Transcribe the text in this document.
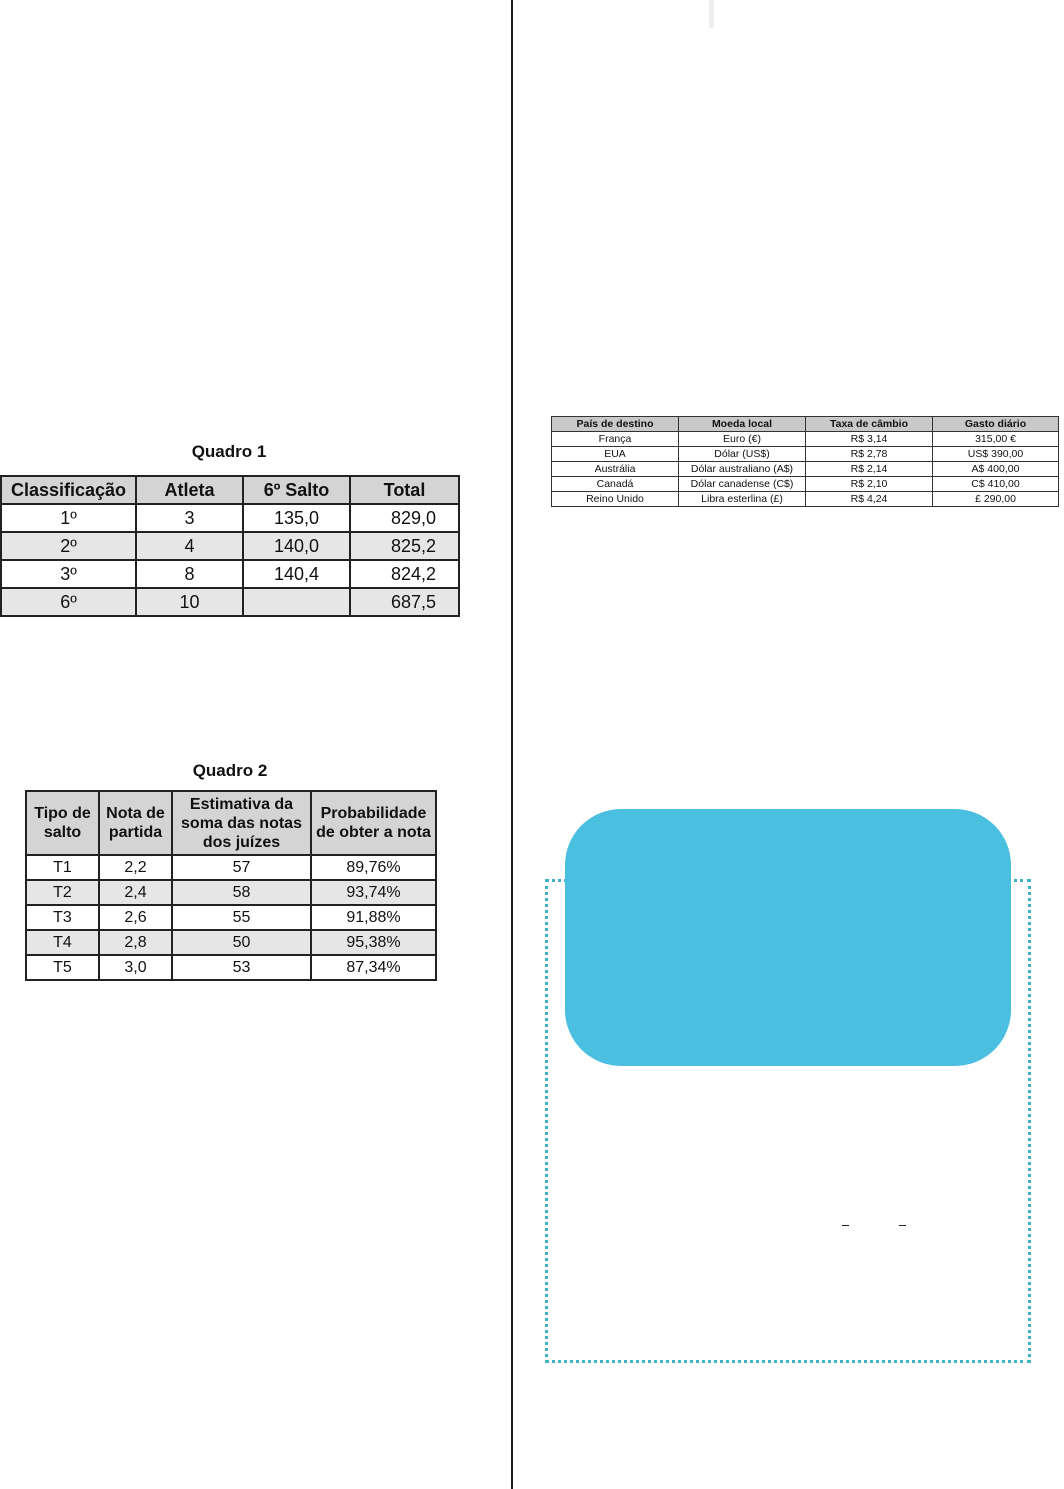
Quadro 1
Classificação	Atleta	6º Salto	Total
1º	3	135,0	829,0
2º	4	140,0	825,2
3º	8	140,4	824,2
6º	10		687,5
Quadro 2
Tipo de salto	Nota de partida	Estimativa da soma das notas dos juízes	Probabilidade de obter a nota
T1	2,2	57	89,76%
T2	2,4	58	93,74%
T3	2,6	55	91,88%
T4	2,8	50	95,38%
T5	3,0	53	87,34%
País de destino	Moeda local	Taxa de câmbio	Gasto diário
França	Euro (€)	R$ 3,14	315,00 €
EUA	Dólar (US$)	R$ 2,78	US$ 390,00
Austrália	Dólar australiano (A$)	R$ 2,14	A$ 400,00
Canadá	Dólar canadense (C$)	R$ 2,10	C$ 410,00
Reino Unido	Libra esterlina (£)	R$ 4,24	£ 290,00
